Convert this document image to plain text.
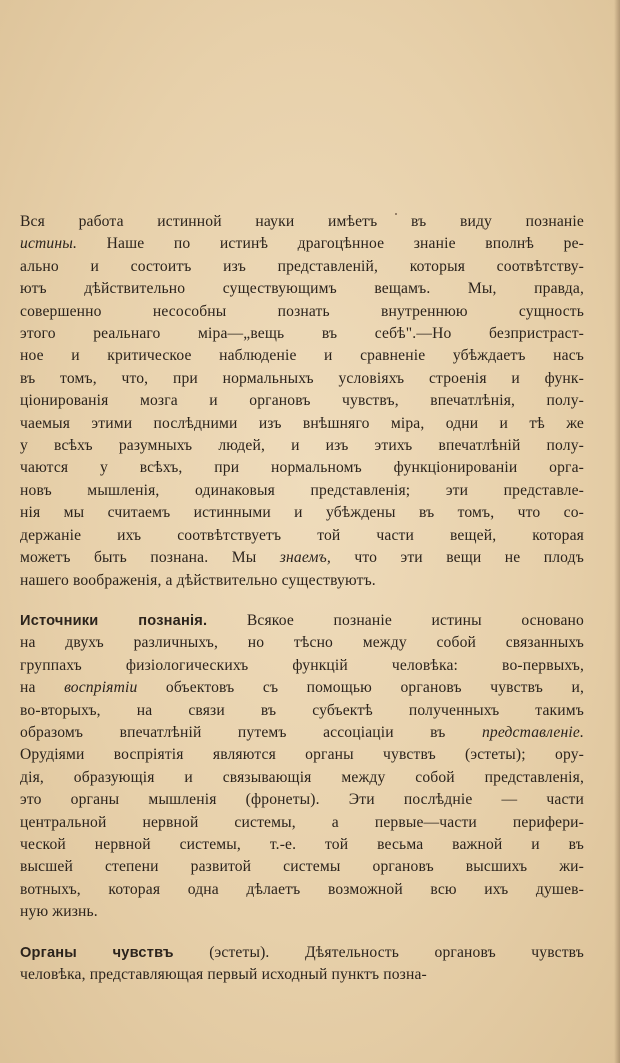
Вся работа истинной науки имѣетъ въ виду познаніе
истины. Наше по истинѣ драгоцѣнное знаніе вполнѣ ре-
ально и состоитъ изъ представленій, которыя соотвѣтству-
ютъ дѣйствительно существующимъ вещамъ. Мы, правда,
совершенно несособны познать внутреннюю сущность
этого реальнаго міра—„вещь въ себѣ".—Но безпристраст-
ное и критическое наблюденіе и сравненіе убѣждаетъ насъ
въ томъ, что, при нормальныхъ условіяхъ строенія и функ-
ціонированія мозга и органовъ чувствъ, впечатлѣнія, полу-
чаемыя этими послѣдними изъ внѣшняго міра, одни и тѣ же
у всѣхъ разумныхъ людей, и изъ этихъ впечатлѣній полу-
чаются у всѣхъ, при нормальномъ функціонированіи орга-
новъ мышленія, одинаковыя представленія; эти представле-
нія мы считаемъ истинными и убѣждены въ томъ, что со-
держаніе ихъ соотвѣтствуетъ той части вещей, которая
можетъ быть познана. Мы знаемъ, что эти вещи не плодъ
нашего воображенія, а дѣйствительно существуютъ.
Источники познанія. Всякое познаніе истины основано
на двухъ различныхъ, но тѣсно между собой связанныхъ
группахъ физіологическихъ функцій человѣка: во-первыхъ,
на воспріятіи объектовъ съ помощью органовъ чувствъ и,
во-вторыхъ, на связи въ субъектѣ полученныхъ такимъ
образомъ впечатлѣній путемъ ассоціаціи въ представленіе.
Орудіями воспріятія являются органы чувствъ (эстеты); ору-
дія, образующія и связывающія между собой представленія,
это органы мышленія (фронеты). Эти послѣдніе — части
центральной нервной системы, а первые—части перифери-
ческой нервной системы, т.-е. той весьма важной и въ
высшей степени развитой системы органовъ высшихъ жи-
вотныхъ, которая одна дѣлаетъ возможной всю ихъ душев-
ную жизнь.
Органы чувствъ (эстеты). Дѣятельность органовъ чувствъ
человѣка, представляющая первый исходный пунктъ позна-
